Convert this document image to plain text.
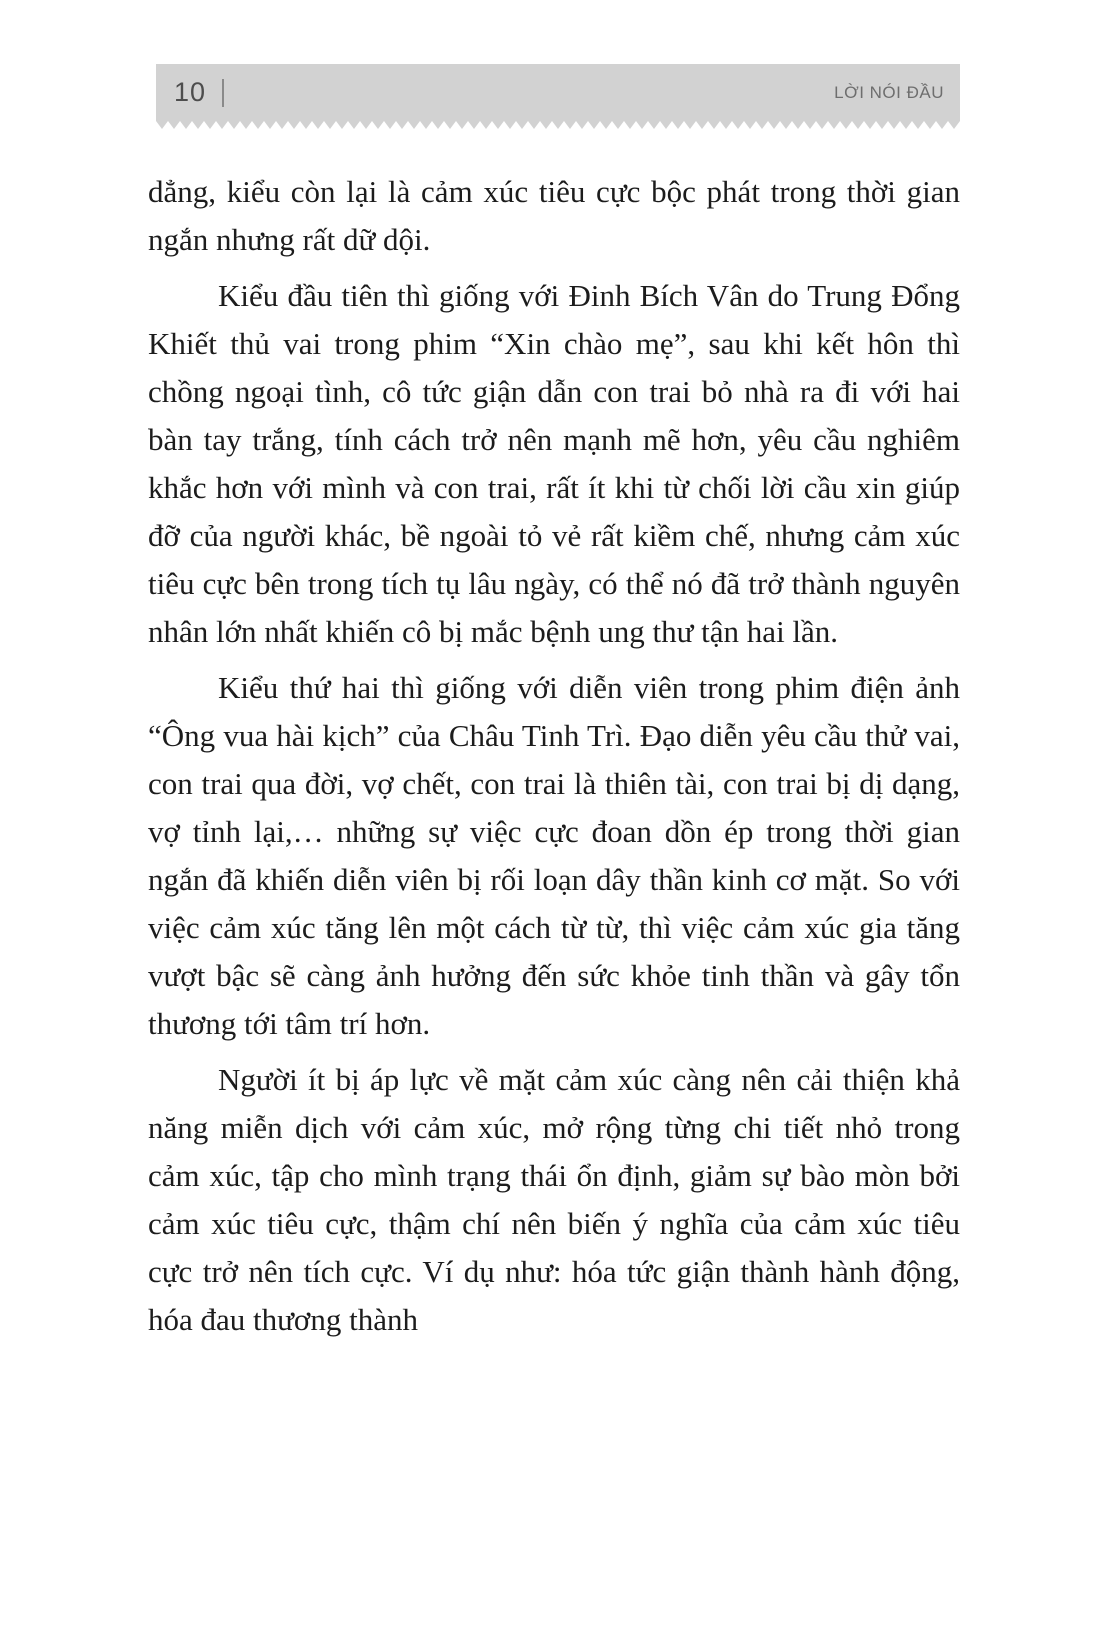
10	LỜI NÓI ĐẦU

dẳng, kiểu còn lại là cảm xúc tiêu cực bộc phát trong thời gian ngắn nhưng rất dữ dội.

Kiểu đầu tiên thì giống với Đinh Bích Vân do Trung Đổng Khiết thủ vai trong phim “Xin chào mẹ”, sau khi kết hôn thì chồng ngoại tình, cô tức giận dẫn con trai bỏ nhà ra đi với hai bàn tay trắng, tính cách trở nên mạnh mẽ hơn, yêu cầu nghiêm khắc hơn với mình và con trai, rất ít khi từ chối lời cầu xin giúp đỡ của người khác, bề ngoài tỏ vẻ rất kiềm chế, nhưng cảm xúc tiêu cực bên trong tích tụ lâu ngày, có thể nó đã trở thành nguyên nhân lớn nhất khiến cô bị mắc bệnh ung thư tận hai lần.

Kiểu thứ hai thì giống với diễn viên trong phim điện ảnh “Ông vua hài kịch” của Châu Tinh Trì. Đạo diễn yêu cầu thử vai, con trai qua đời, vợ chết, con trai là thiên tài, con trai bị dị dạng, vợ tỉnh lại,… những sự việc cực đoan dồn ép trong thời gian ngắn đã khiến diễn viên bị rối loạn dây thần kinh cơ mặt. So với việc cảm xúc tăng lên một cách từ từ, thì việc cảm xúc gia tăng vượt bậc sẽ càng ảnh hưởng đến sức khỏe tinh thần và gây tổn thương tới tâm trí hơn.

Người ít bị áp lực về mặt cảm xúc càng nên cải thiện khả năng miễn dịch với cảm xúc, mở rộng từng chi tiết nhỏ trong cảm xúc, tập cho mình trạng thái ổn định, giảm sự bào mòn bởi cảm xúc tiêu cực, thậm chí nên biến ý nghĩa của cảm xúc tiêu cực trở nên tích cực. Ví dụ như: hóa tức giận thành hành động, hóa đau thương thành
